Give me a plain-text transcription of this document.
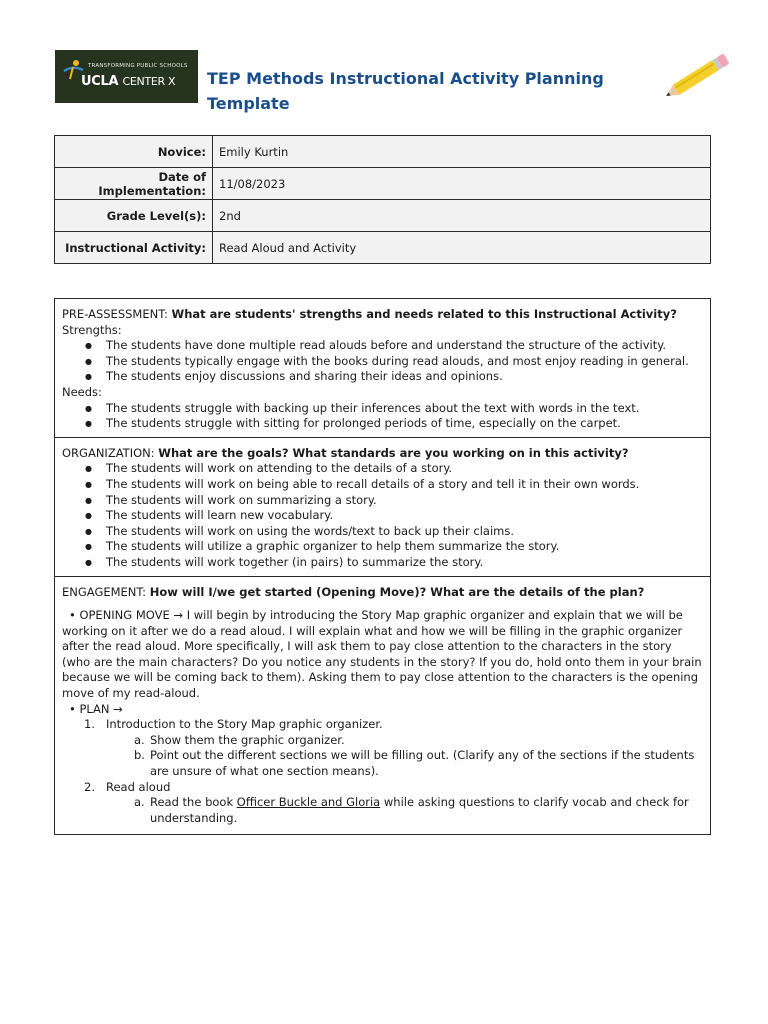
TRANSFORMING PUBLIC SCHOOLS
UCLA CENTER X TEP Methods Instructional Activity Planning Template
Novice:	Emily Kurtin
Date of Implementation:	11/08/2023
Grade Level(s):	2nd
Instructional Activity:	Read Aloud and Activity
PRE-ASSESSMENT: What are students' strengths and needs related to this Instructional Activity?
Strengths:
● The students have done multiple read alouds before and understand the structure of the activity.
● The students typically engage with the books during read alouds, and most enjoy reading in general.
● The students enjoy discussions and sharing their ideas and opinions.
Needs:
● The students struggle with backing up their inferences about the text with words in the text.
● The students struggle with sitting for prolonged periods of time, especially on the carpet.
ORGANIZATION: What are the goals? What standards are you working on in this activity?
● The students will work on attending to the details of a story.
● The students will work on being able to recall details of a story and tell it in their own words.
● The students will work on summarizing a story.
● The students will learn new vocabulary.
● The students will work on using the words/text to back up their claims.
● The students will utilize a graphic organizer to help them summarize the story.
● The students will work together (in pairs) to summarize the story.
ENGAGEMENT: How will I/we get started (Opening Move)? What are the details of the plan?
• OPENING MOVE → I will begin by introducing the Story Map graphic organizer and explain that we will be working on it after we do a read aloud. I will explain what and how we will be filling in the graphic organizer after the read aloud. More specifically, I will ask them to pay close attention to the characters in the story (who are the main characters? Do you notice any students in the story? If you do, hold onto them in your brain because we will be coming back to them). Asking them to pay close attention to the characters is the opening move of my read-aloud.
• PLAN →
1. Introduction to the Story Map graphic organizer.
a. Show them the graphic organizer.
b. Point out the different sections we will be filling out. (Clarify any of the sections if the students are unsure of what one section means).
2. Read aloud
a. Read the book Officer Buckle and Gloria while asking questions to clarify vocab and check for understanding.
